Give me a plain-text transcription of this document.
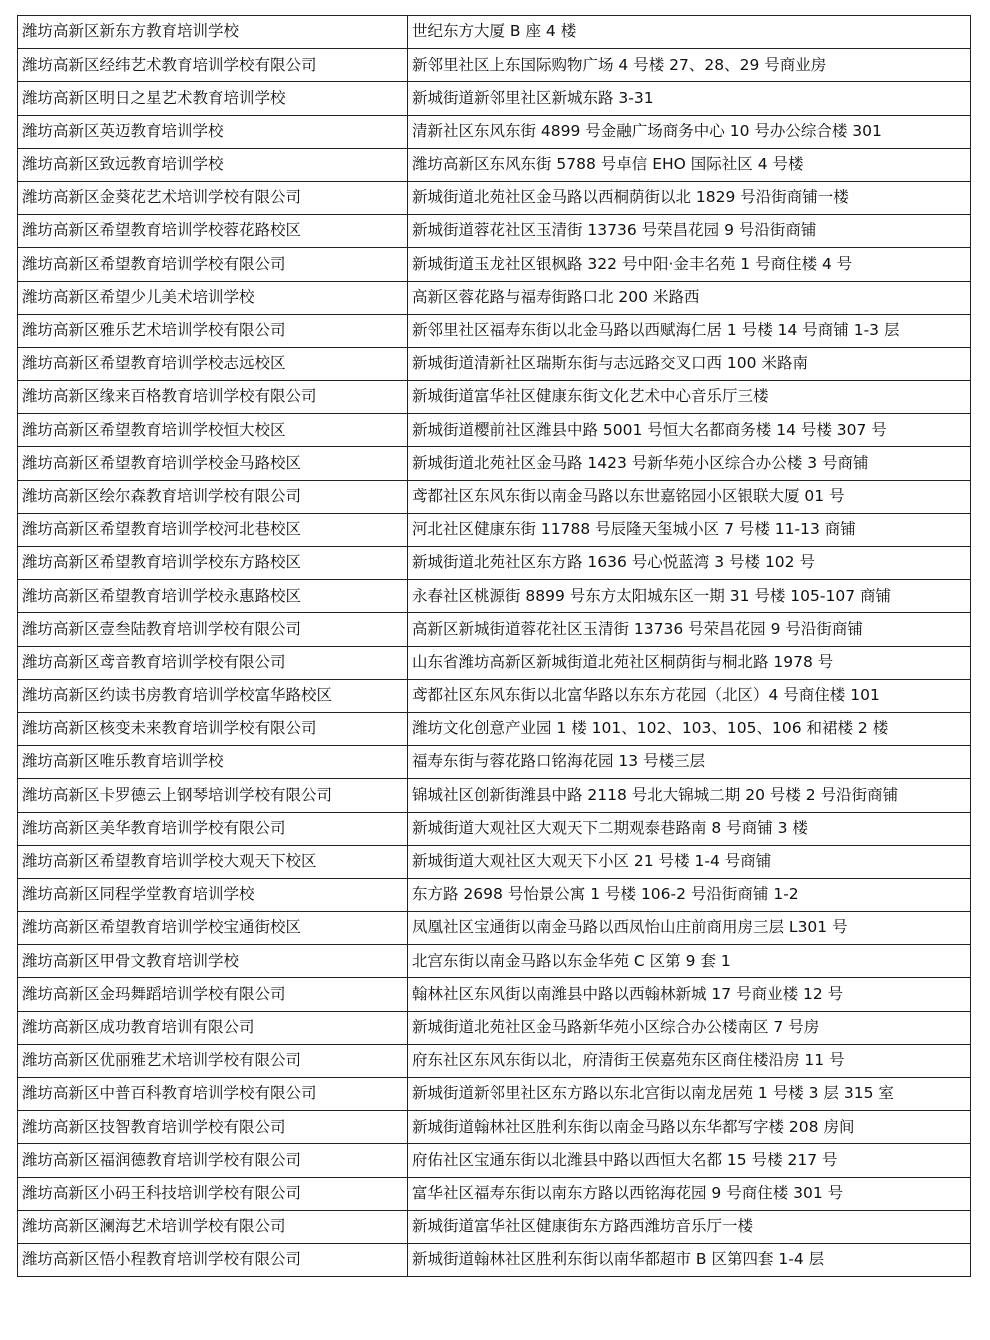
潍坊高新区新东方教育培训学校	世纪东方大厦 B 座 4 楼
潍坊高新区经纬艺术教育培训学校有限公司	新邻里社区上东国际购物广场 4 号楼 27、28、29 号商业房
潍坊高新区明日之星艺术教育培训学校	新城街道新邻里社区新城东路 3-31
潍坊高新区英迈教育培训学校	清新社区东风东街 4899 号金融广场商务中心 10 号办公综合楼 301
潍坊高新区致远教育培训学校	潍坊高新区东风东街 5788 号卓信 EHO 国际社区 4 号楼
潍坊高新区金葵花艺术培训学校有限公司	新城街道北苑社区金马路以西桐荫街以北 1829 号沿街商铺一楼
潍坊高新区希望教育培训学校蓉花路校区	新城街道蓉花社区玉清街 13736 号荣昌花园 9 号沿街商铺
潍坊高新区希望教育培训学校有限公司	新城街道玉龙社区银枫路 322 号中阳·金丰名苑 1 号商住楼 4 号
潍坊高新区希望少儿美术培训学校	高新区蓉花路与福寿街路口北 200 米路西
潍坊高新区雅乐艺术培训学校有限公司	新邻里社区福寿东街以北金马路以西赋海仁居 1 号楼 14 号商铺 1-3 层
潍坊高新区希望教育培训学校志远校区	新城街道清新社区瑞斯东街与志远路交叉口西 100 米路南
潍坊高新区缘来百格教育培训学校有限公司	新城街道富华社区健康东街文化艺术中心音乐厅三楼
潍坊高新区希望教育培训学校恒大校区	新城街道樱前社区潍县中路 5001 号恒大名都商务楼 14 号楼 307 号
潍坊高新区希望教育培训学校金马路校区	新城街道北苑社区金马路 1423 号新华苑小区综合办公楼 3 号商铺
潍坊高新区绘尔森教育培训学校有限公司	鸢都社区东风东街以南金马路以东世嘉铭园小区银联大厦 01 号
潍坊高新区希望教育培训学校河北巷校区	河北社区健康东街 11788 号辰隆天玺城小区 7 号楼 11-13 商铺
潍坊高新区希望教育培训学校东方路校区	新城街道北苑社区东方路 1636 号心悦蓝湾 3 号楼 102 号
潍坊高新区希望教育培训学校永惠路校区	永春社区桃源街 8899 号东方太阳城东区一期 31 号楼 105-107 商铺
潍坊高新区壹叁陆教育培训学校有限公司	高新区新城街道蓉花社区玉清街 13736 号荣昌花园 9 号沿街商铺
潍坊高新区鸢音教育培训学校有限公司	山东省潍坊高新区新城街道北苑社区桐荫街与桐北路 1978 号
潍坊高新区约读书房教育培训学校富华路校区	鸢都社区东风东街以北富华路以东东方花园（北区）4 号商住楼 101
潍坊高新区核变未来教育培训学校有限公司	潍坊文化创意产业园 1 楼 101、102、103、105、106 和裙楼 2 楼
潍坊高新区唯乐教育培训学校	福寿东街与蓉花路口铭海花园 13 号楼三层
潍坊高新区卡罗德云上钢琴培训学校有限公司	锦城社区创新街潍县中路 2118 号北大锦城二期 20 号楼 2 号沿街商铺
潍坊高新区美华教育培训学校有限公司	新城街道大观社区大观天下二期观泰巷路南 8 号商铺 3 楼
潍坊高新区希望教育培训学校大观天下校区	新城街道大观社区大观天下小区 21 号楼 1-4 号商铺
潍坊高新区同程学堂教育培训学校	东方路 2698 号怡景公寓 1 号楼 106-2 号沿街商铺 1-2
潍坊高新区希望教育培训学校宝通街校区	凤凰社区宝通街以南金马路以西凤怡山庄前商用房三层 L301 号
潍坊高新区甲骨文教育培训学校	北宫东街以南金马路以东金华苑 C 区第 9 套 1
潍坊高新区金玛舞蹈培训学校有限公司	翰林社区东风街以南潍县中路以西翰林新城 17 号商业楼 12 号
潍坊高新区成功教育培训有限公司	新城街道北苑社区金马路新华苑小区综合办公楼南区 7 号房
潍坊高新区优丽雅艺术培训学校有限公司	府东社区东风东街以北，府清街王侯嘉苑东区商住楼沿房 11 号
潍坊高新区中普百科教育培训学校有限公司	新城街道新邻里社区东方路以东北宫街以南龙居苑 1 号楼 3 层 315 室
潍坊高新区技智教育培训学校有限公司	新城街道翰林社区胜利东街以南金马路以东华都写字楼 208 房间
潍坊高新区福润德教育培训学校有限公司	府佑社区宝通东街以北潍县中路以西恒大名都 15 号楼 217 号
潍坊高新区小码王科技培训学校有限公司	富华社区福寿东街以南东方路以西铭海花园 9 号商住楼 301 号
潍坊高新区澜海艺术培训学校有限公司	新城街道富华社区健康街东方路西潍坊音乐厅一楼
潍坊高新区悟小程教育培训学校有限公司	新城街道翰林社区胜利东街以南华都超市 B 区第四套 1-4 层
